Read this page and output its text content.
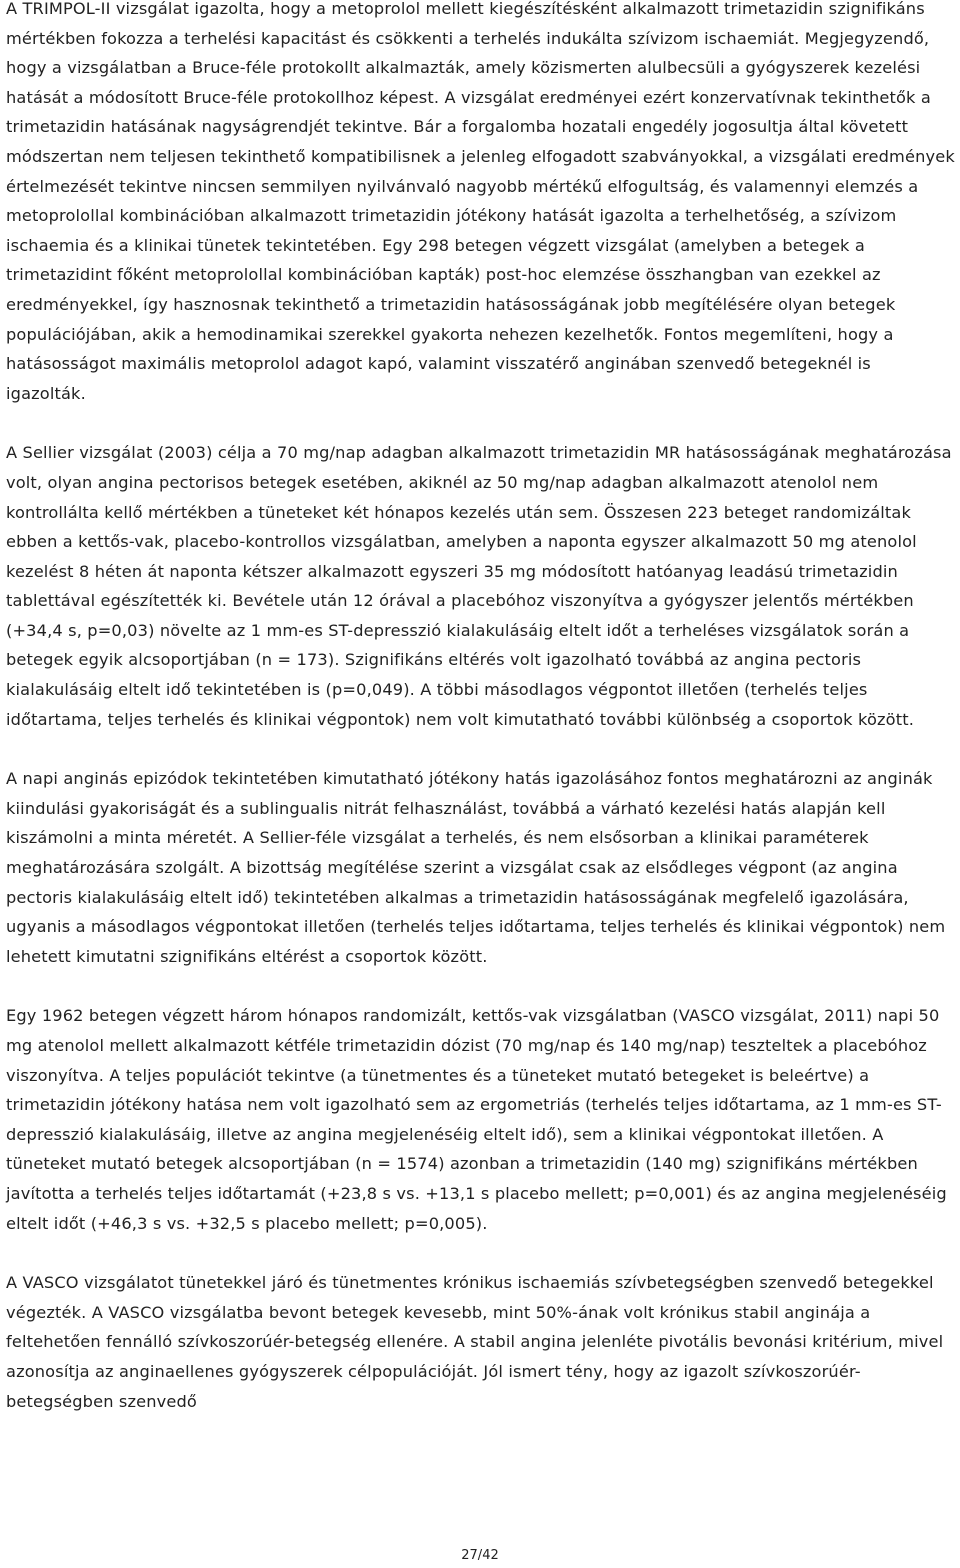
A TRIMPOL-II vizsgálat igazolta, hogy a metoprolol mellett kiegészítésként alkalmazott trimetazidin szignifikáns mértékben fokozza a terhelési kapacitást és csökkenti a terhelés indukálta szívizom ischaemiát. Megjegyzendő, hogy a vizsgálatban a Bruce-féle protokollt alkalmazták, amely közismerten alulbecsüli a gyógyszerek kezelési hatását a módosított Bruce-féle protokollhoz képest. A vizsgálat eredményei ezért konzervatívnak tekinthetők a trimetazidin hatásának nagyságrendjét tekintve. Bár a forgalomba hozatali engedély jogosultja által követett módszertan nem teljesen tekinthető kompatibilisnek a jelenleg elfogadott szabványokkal, a vizsgálati eredmények értelmezését tekintve nincsen semmilyen nyilvánvaló nagyobb mértékű elfogultság, és valamennyi elemzés a metoprolollal kombinációban alkalmazott trimetazidin jótékony hatását igazolta a terhelhetőség, a szívizom ischaemia és a klinikai tünetek tekintetében. Egy 298 betegen végzett vizsgálat (amelyben a betegek a trimetazidint főként metoprolollal kombinációban kapták) post-hoc elemzése összhangban van ezekkel az eredményekkel, így hasznosnak tekinthető a trimetazidin hatásosságának jobb megítélésére olyan betegek populációjában, akik a hemodinamikai szerekkel gyakorta nehezen kezelhetők. Fontos megemlíteni, hogy a hatásosságot maximális metoprolol adagot kapó, valamint visszatérő anginában szenvedő betegeknél is igazolták.

A Sellier vizsgálat (2003) célja a 70 mg/nap adagban alkalmazott trimetazidin MR hatásosságának meghatározása volt, olyan angina pectorisos betegek esetében, akiknél az 50 mg/nap adagban alkalmazott atenolol nem kontrollálta kellő mértékben a tüneteket két hónapos kezelés után sem. Összesen 223 beteget randomizáltak ebben a kettős-vak, placebo-kontrollos vizsgálatban, amelyben a naponta egyszer alkalmazott 50 mg atenolol kezelést 8 héten át naponta kétszer alkalmazott egyszeri 35 mg módosított hatóanyag leadású trimetazidin tablettával egészítették ki. Bevétele után 12 órával a placebóhoz viszonyítva a gyógyszer jelentős mértékben (+34,4 s, p=0,03) növelte az 1 mm-es ST-depresszió kialakulásáig eltelt időt a terheléses vizsgálatok során a betegek egyik alcsoportjában (n = 173). Szignifikáns eltérés volt igazolható továbbá az angina pectoris kialakulásáig eltelt idő tekintetében is (p=0,049). A többi másodlagos végpontot illetően (terhelés teljes időtartama, teljes terhelés és klinikai végpontok) nem volt kimutatható további különbség a csoportok között.

A napi anginás epizódok tekintetében kimutatható jótékony hatás igazolásához fontos meghatározni az anginák kiindulási gyakoriságát és a sublingualis nitrát felhasználást, továbbá a várható kezelési hatás alapján kell kiszámolni a minta méretét. A Sellier-féle vizsgálat a terhelés, és nem elsősorban a klinikai paraméterek meghatározására szolgált. A bizottság megítélése szerint a vizsgálat csak az elsődleges végpont (az angina pectoris kialakulásáig eltelt idő) tekintetében alkalmas a trimetazidin hatásosságának megfelelő igazolására, ugyanis a másodlagos végpontokat illetően (terhelés teljes időtartama, teljes terhelés és klinikai végpontok) nem lehetett kimutatni szignifikáns eltérést a csoportok között.

Egy 1962 betegen végzett három hónapos randomizált, kettős-vak vizsgálatban (VASCO vizsgálat, 2011) napi 50 mg atenolol mellett alkalmazott kétféle trimetazidin dózist (70 mg/nap és 140 mg/nap) teszteltek a placebóhoz viszonyítva. A teljes populációt tekintve (a tünetmentes és a tüneteket mutató betegeket is beleértve) a trimetazidin jótékony hatása nem volt igazolható sem az ergometriás (terhelés teljes időtartama, az 1 mm-es ST-depresszió kialakulásáig, illetve az angina megjelenéséig eltelt idő), sem a klinikai végpontokat illetően. A tüneteket mutató betegek alcsoportjában (n = 1574) azonban a trimetazidin (140 mg) szignifikáns mértékben javította a terhelés teljes időtartamát (+23,8 s vs. +13,1 s placebo mellett; p=0,001) és az angina megjelenéséig eltelt időt (+46,3 s vs. +32,5 s placebo mellett; p=0,005).

A VASCO vizsgálatot tünetekkel járó és tünetmentes krónikus ischaemiás szívbetegségben szenvedő betegekkel végezték. A VASCO vizsgálatba bevont betegek kevesebb, mint 50%-ának volt krónikus stabil anginája a feltehetően fennálló szívkoszorúér-betegség ellenére. A stabil angina jelenléte pivotális bevonási kritérium, mivel azonosítja az anginaellenes gyógyszerek célpopulációját. Jól ismert tény, hogy az igazolt szívkoszorúér-betegségben szenvedő

27/42
